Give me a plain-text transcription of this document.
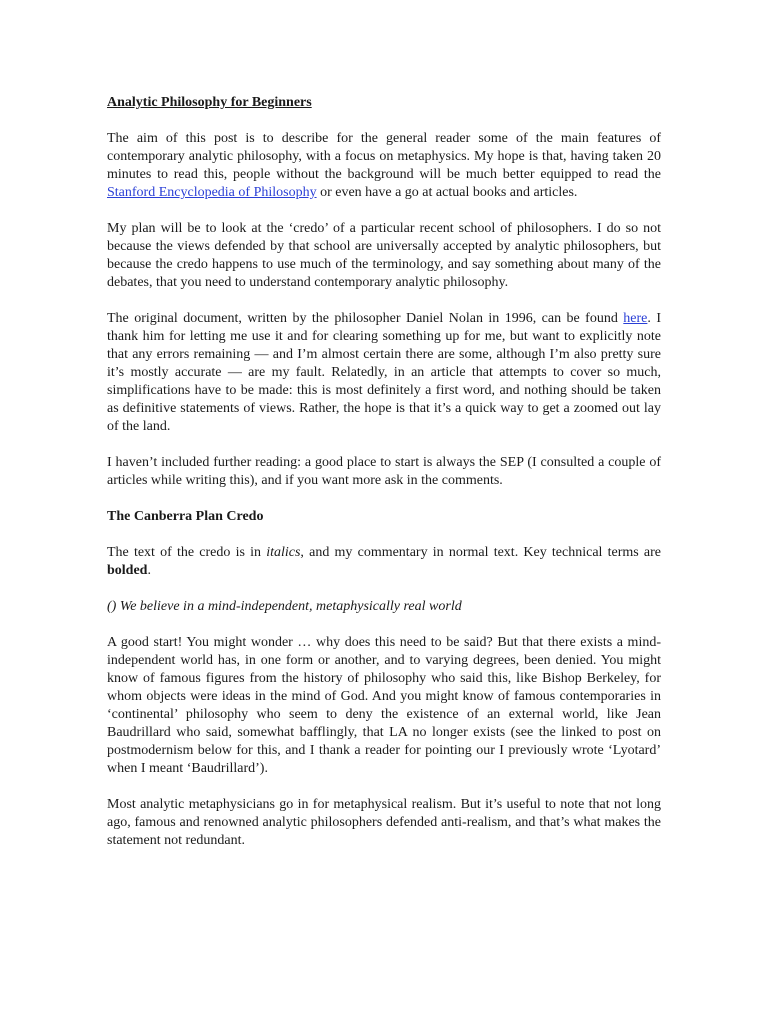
Analytic Philosophy for Beginners

The aim of this post is to describe for the general reader some of the main features of contemporary analytic philosophy, with a focus on metaphysics. My hope is that, having taken 20 minutes to read this, people without the background will be much better equipped to read the Stanford Encyclopedia of Philosophy or even have a go at actual books and articles.

My plan will be to look at the ‘credo’ of a particular recent school of philosophers. I do so not because the views defended by that school are universally accepted by analytic philosophers, but because the credo happens to use much of the terminology, and say something about many of the debates, that you need to understand contemporary analytic philosophy.

The original document, written by the philosopher Daniel Nolan in 1996, can be found here. I thank him for letting me use it and for clearing something up for me, but want to explicitly note that any errors remaining — and I’m almost certain there are some, although I’m also pretty sure it’s mostly accurate — are my fault. Relatedly, in an article that attempts to cover so much, simplifications have to be made: this is most definitely a first word, and nothing should be taken as definitive statements of views. Rather, the hope is that it’s a quick way to get a zoomed out lay of the land.

I haven’t included further reading: a good place to start is always the SEP (I consulted a couple of articles while writing this), and if you want more ask in the comments.

The Canberra Plan Credo

The text of the credo is in italics, and my commentary in normal text. Key technical terms are bolded.

() We believe in a mind-independent, metaphysically real world

A good start! You might wonder … why does this need to be said? But that there exists a mind-independent world has, in one form or another, and to varying degrees, been denied. You might know of famous figures from the history of philosophy who said this, like Bishop Berkeley, for whom objects were ideas in the mind of God. And you might know of famous contemporaries in ‘continental’ philosophy who seem to deny the existence of an external world, like Jean Baudrillard who said, somewhat bafflingly, that LA no longer exists (see the linked to post on postmodernism below for this, and I thank a reader for pointing our I previously wrote ‘Lyotard’ when I meant ‘Baudrillard’).

Most analytic metaphysicians go in for metaphysical realism. But it’s useful to note that not long ago, famous and renowned analytic philosophers defended anti-realism, and that’s what makes the statement not redundant.
